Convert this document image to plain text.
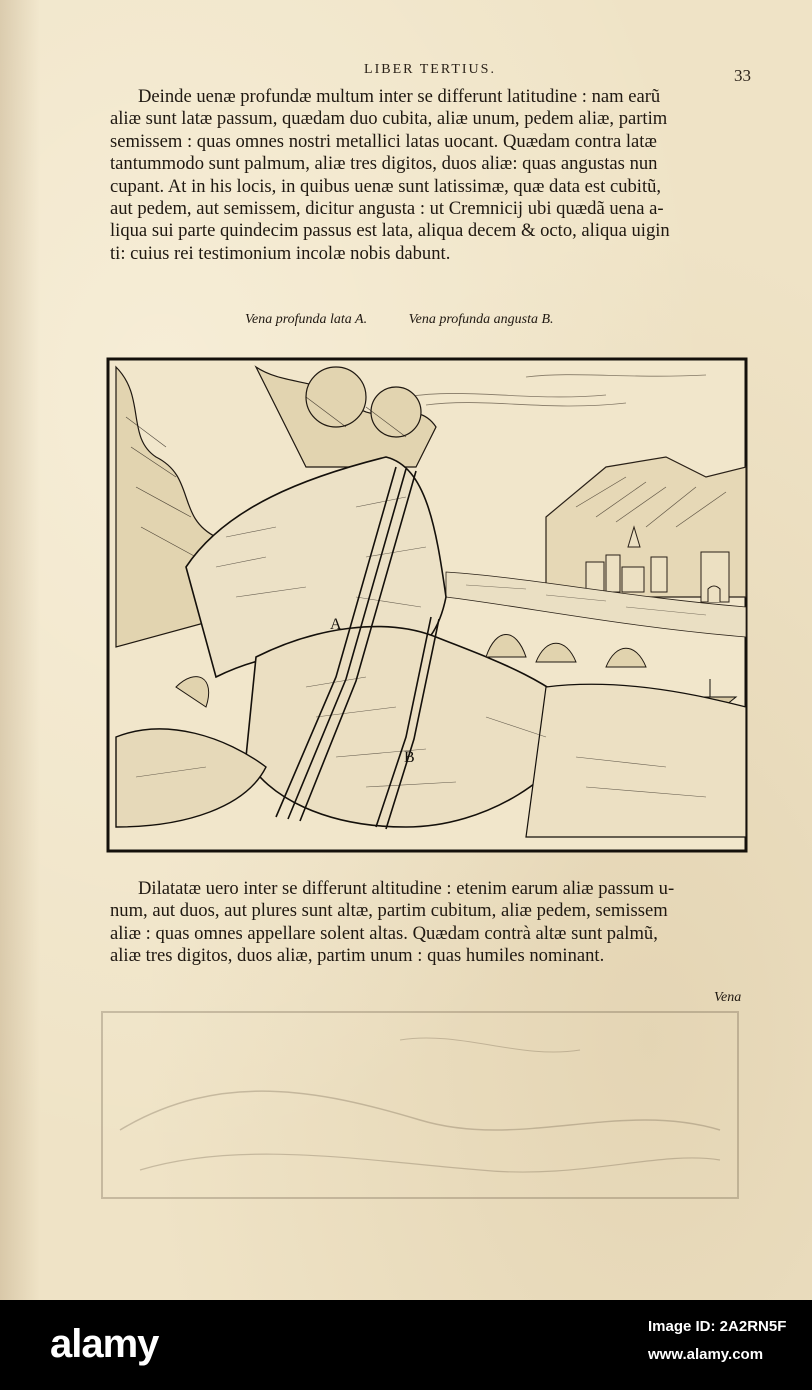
LIBER TERTIUS.	33
Deinde uenæ profundæ multum inter se differunt latitudine : nam earũ
aliæ sunt latæ passum, quædam duo cubita, aliæ unum, pedem aliæ, partim
semissem : quas omnes nostri metallici latas uocant. Quædam contra latæ
tantummodo sunt palmum, aliæ tres digitos, duos aliæ: quas angustas nun
cupant. At in his locis, in quibus uenæ sunt latissimæ, quæ data est cubitũ,
aut pedem, aut semissem, dicitur angusta : ut Cremnicij ubi quædã uena a-
liqua sui parte quindecim passus est lata, aliqua decem & octo, aliqua uigin
ti: cuius rei testimonium incolæ nobis dabunt.
Vena profunda lata A.	Vena profunda angusta B.
A
B
Dilatatæ uero inter se differunt altitudine : etenim earum aliæ passum u-
num, aut duos, aut plures sunt altæ, partim cubitum, aliæ pedem, semissem
aliæ : quas omnes appellare solent altas. Quædam contrà altæ sunt palmũ,
aliæ tres digitos, duos aliæ, partim unum : quas humiles nominant.
Vena
alamy	Image ID: 2A2RN5F
www.alamy.com
